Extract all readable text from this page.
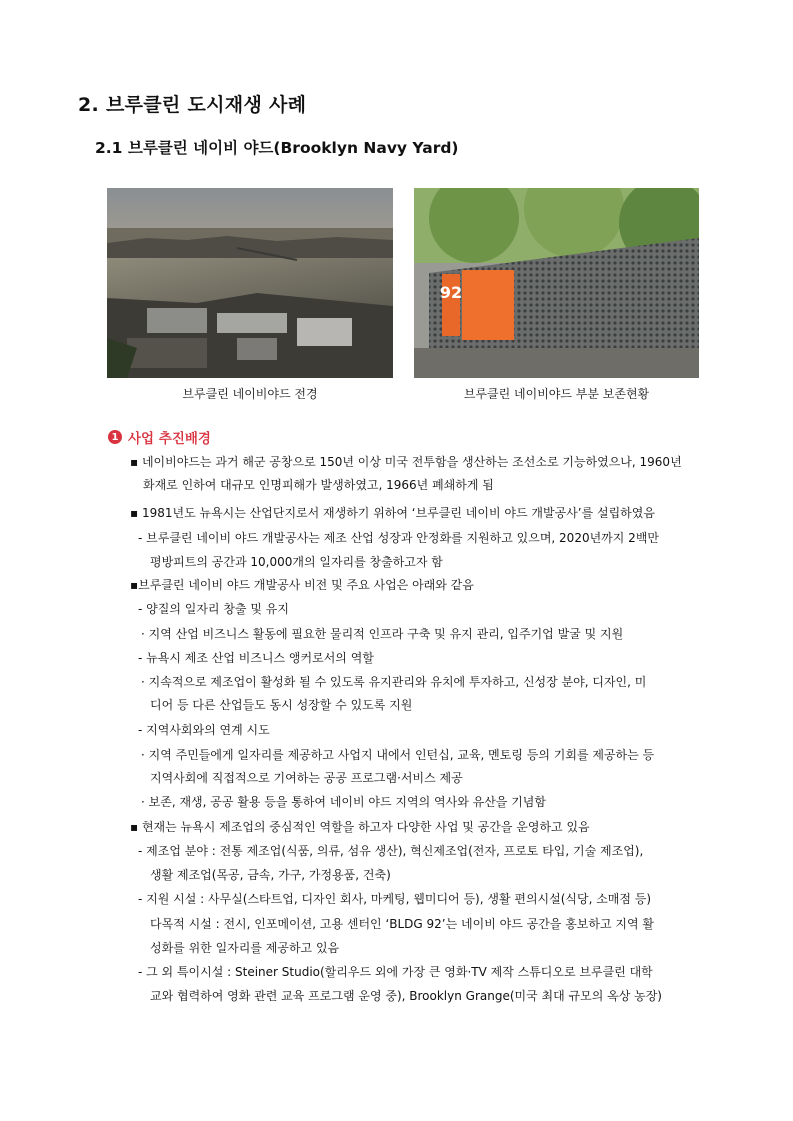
2. 브루클린 도시재생 사례
2.1 브루클린 네이비 야드(Brooklyn Navy Yard)
브루클린 네이비야드 전경
92
브루클린 네이비야드 부분 보존현황
1 사업 추진배경
▪ 네이비야드는 과거 해군 공창으로 150년 이상 미국 전투함을 생산하는 조선소로 기능하였으나, 1960년
화재로 인하여 대규모 인명피해가 발생하였고, 1966년 폐쇄하게 됨
▪ 1981년도 뉴욕시는 산업단지로서 재생하기 위하여 ‘브루클린 네이비 야드 개발공사’를 설립하였음
- 브루클린 네이비 야드 개발공사는 제조 산업 성장과 안정화를 지원하고 있으며, 2020년까지 2백만
평방피트의 공간과 10,000개의 일자리를 창출하고자 함
▪브루클린 네이비 야드 개발공사 비전 및 주요 사업은 아래와 같음
- 양질의 일자리 창출 및 유지
· 지역 산업 비즈니스 활동에 필요한 물리적 인프라 구축 및 유지 관리, 입주기업 발굴 및 지원
- 뉴욕시 제조 산업 비즈니스 앵커로서의 역할
· 지속적으로 제조업이 활성화 될 수 있도록 유지관리와 유치에 투자하고, 신성장 분야, 디자인, 미
디어 등 다른 산업들도 동시 성장할 수 있도록 지원
- 지역사회와의 연계 시도
· 지역 주민들에게 일자리를 제공하고 사업지 내에서 인턴십, 교육, 멘토링 등의 기회를 제공하는 등
지역사회에 직접적으로 기여하는 공공 프로그램·서비스 제공
· 보존, 재생, 공공 활용 등을 통하여 네이비 야드 지역의 역사와 유산을 기념함
▪ 현재는 뉴욕시 제조업의 중심적인 역할을 하고자 다양한 사업 및 공간을 운영하고 있음
- 제조업 분야 : 전통 제조업(식품, 의류, 섬유 생산), 혁신제조업(전자, 프로토 타입, 기술 제조업),
생활 제조업(목공, 금속, 가구, 가정용품, 건축)
- 지원 시설 : 사무실(스타트업, 디자인 회사, 마케팅, 웹미디어 등), 생활 편의시설(식당, 소매점 등)
다목적 시설 : 전시, 인포메이션, 고용 센터인 ‘BLDG 92’는 네이비 야드 공간을 홍보하고 지역 활
성화를 위한 일자리를 제공하고 있음
- 그 외 특이시설 : Steiner Studio(할리우드 외에 가장 큰 영화·TV 제작 스튜디오로 브루클린 대학
교와 협력하여 영화 관련 교육 프로그램 운영 중), Brooklyn Grange(미국 최대 규모의 옥상 농장)
